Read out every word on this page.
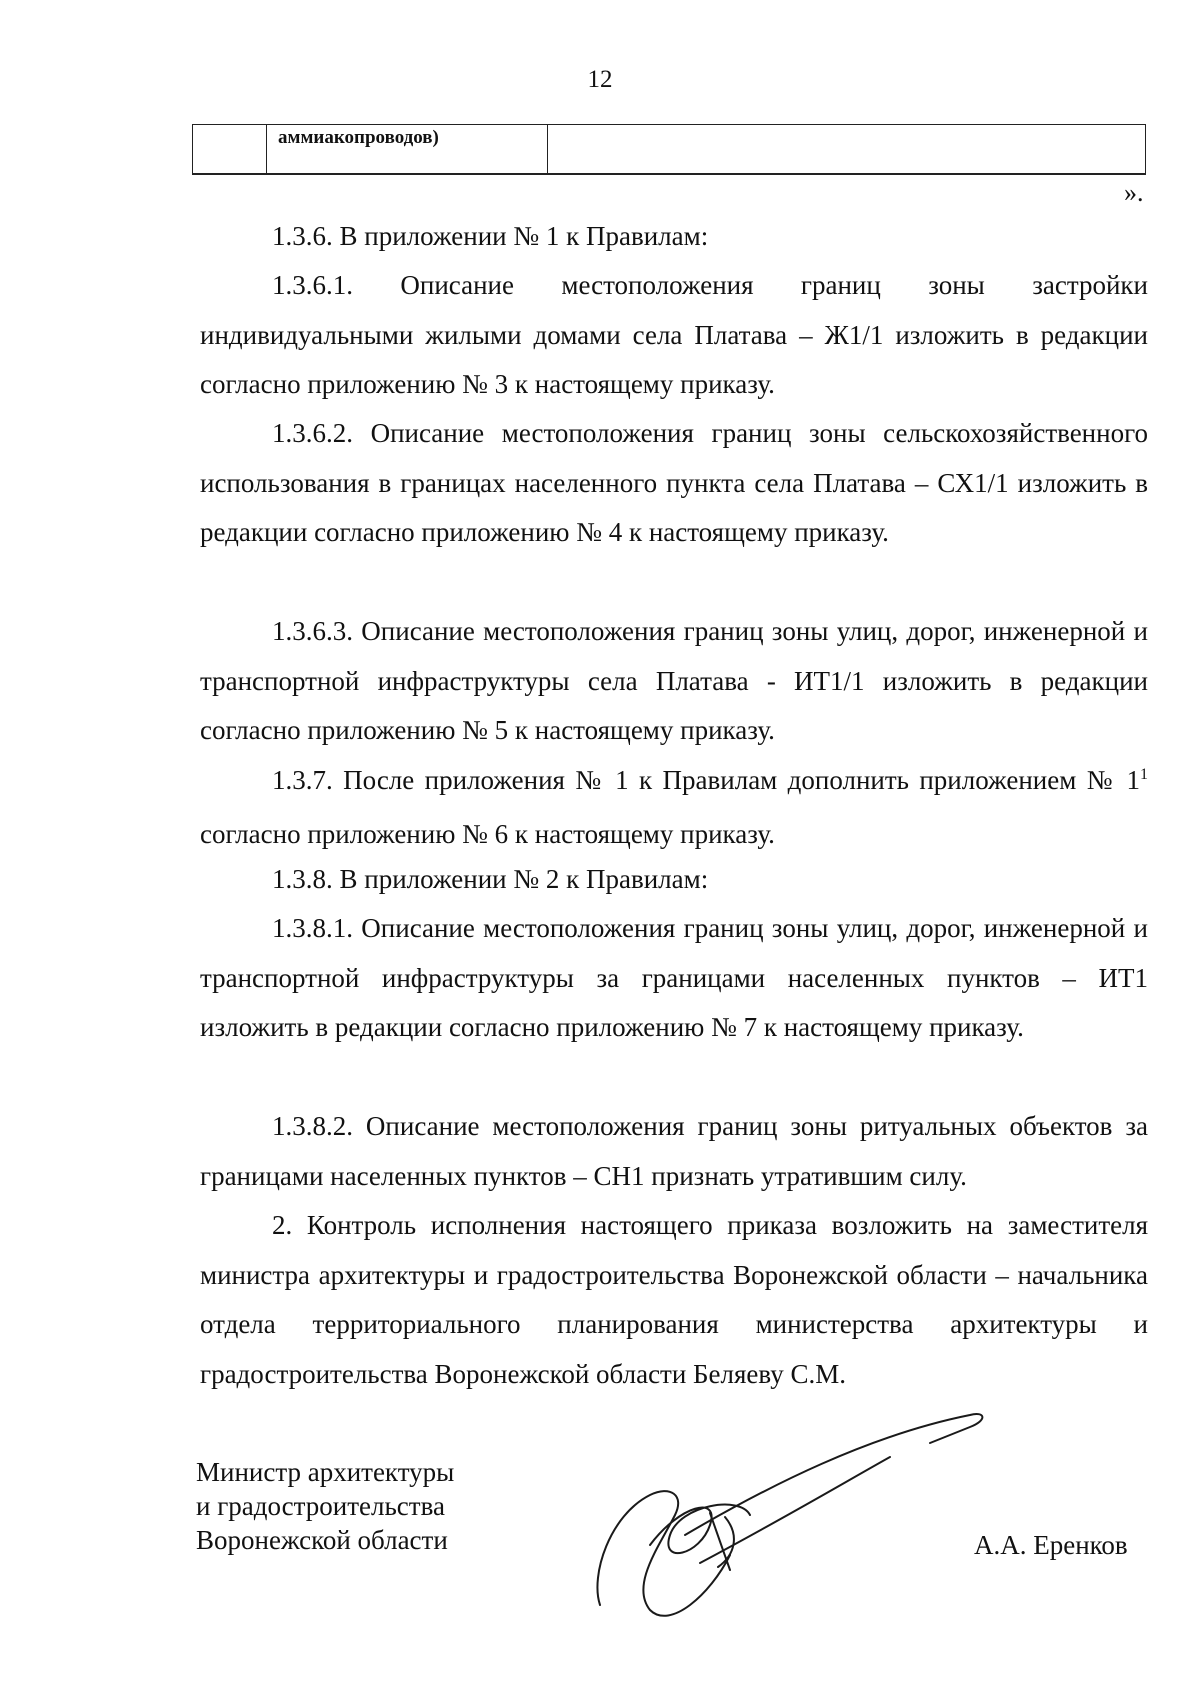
12
аммиакопроводов)
».
1.3.6. В приложении № 1 к Правилам:
1.3.6.1. Описание местоположения границ зоны застройки индивидуальными жилыми домами села Платава – Ж1/1 изложить в редакции согласно приложению № 3 к настоящему приказу.
1.3.6.2. Описание местоположения границ зоны сельскохозяйственного использования в границах населенного пункта села Платава – СХ1/1 изложить в редакции согласно приложению № 4 к настоящему приказу.
1.3.6.3. Описание местоположения границ зоны улиц, дорог, инженерной и транспортной инфраструктуры села Платава - ИТ1/1 изложить в редакции согласно приложению № 5 к настоящему приказу.
1.3.7. После приложения № 1 к Правилам дополнить приложением № $1^1$ согласно приложению № 6 к настоящему приказу.
1.3.8. В приложении № 2 к Правилам:
1.3.8.1. Описание местоположения границ зоны улиц, дорог, инженерной и транспортной инфраструктуры за границами населенных пунктов – ИТ1 изложить в редакции согласно приложению № 7 к настоящему приказу.
1.3.8.2. Описание местоположения границ зоны ритуальных объектов за границами населенных пунктов – СН1 признать утратившим силу.
2. Контроль исполнения настоящего приказа возложить на заместителя министра архитектуры и градостроительства Воронежской области – начальника отдела территориального планирования министерства архитектуры и градостроительства Воронежской области Беляеву С.М.
Министр архитектуры
и градостроительства
Воронежской области	А.А. Еренков
